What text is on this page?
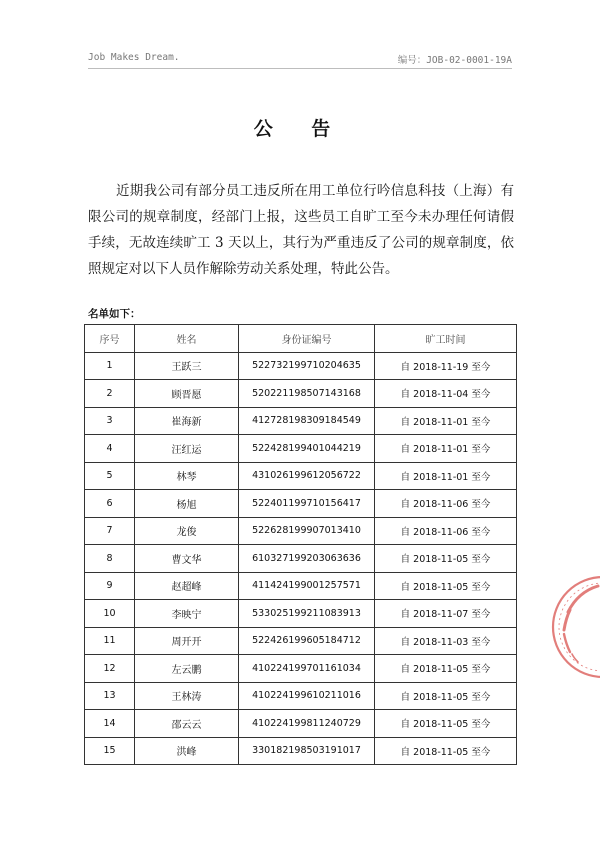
Job Makes Dream.	编号：JOB-02-0001-19A
公 告

近期我公司有部分员工违反所在用工单位行吟信息科技（上海）有限公司的规章制度，经部门上报，这些员工自旷工至今未办理任何请假手续，无故连续旷工 3 天以上，其行为严重违反了公司的规章制度，依照规定对以下人员作解除劳动关系处理，特此公告。

名单如下：
序号	姓名	身份证编号	旷工时间
1	王跃三	522732199710204635	自 2018-11-19 至今
2	顾晋愿	520221198507143168	自 2018-11-04 至今
3	崔海新	412728198309184549	自 2018-11-01 至今
4	汪红运	522428199401044219	自 2018-11-01 至今
5	林琴	431026199612056722	自 2018-11-01 至今
6	杨旭	522401199710156417	自 2018-11-06 至今
7	龙俊	522628199907013410	自 2018-11-06 至今
8	曹文华	610327199203063636	自 2018-11-05 至今
9	赵超峰	411424199001257571	自 2018-11-05 至今
10	李映宁	533025199211083913	自 2018-11-07 至今
11	周开开	522426199605184712	自 2018-11-03 至今
12	左云鹏	410224199701161034	自 2018-11-05 至今
13	王林涛	410224199610211016	自 2018-11-05 至今
14	邵云云	410224199811240729	自 2018-11-05 至今
15	洪峰	330182198503191017	自 2018-11-05 至今
